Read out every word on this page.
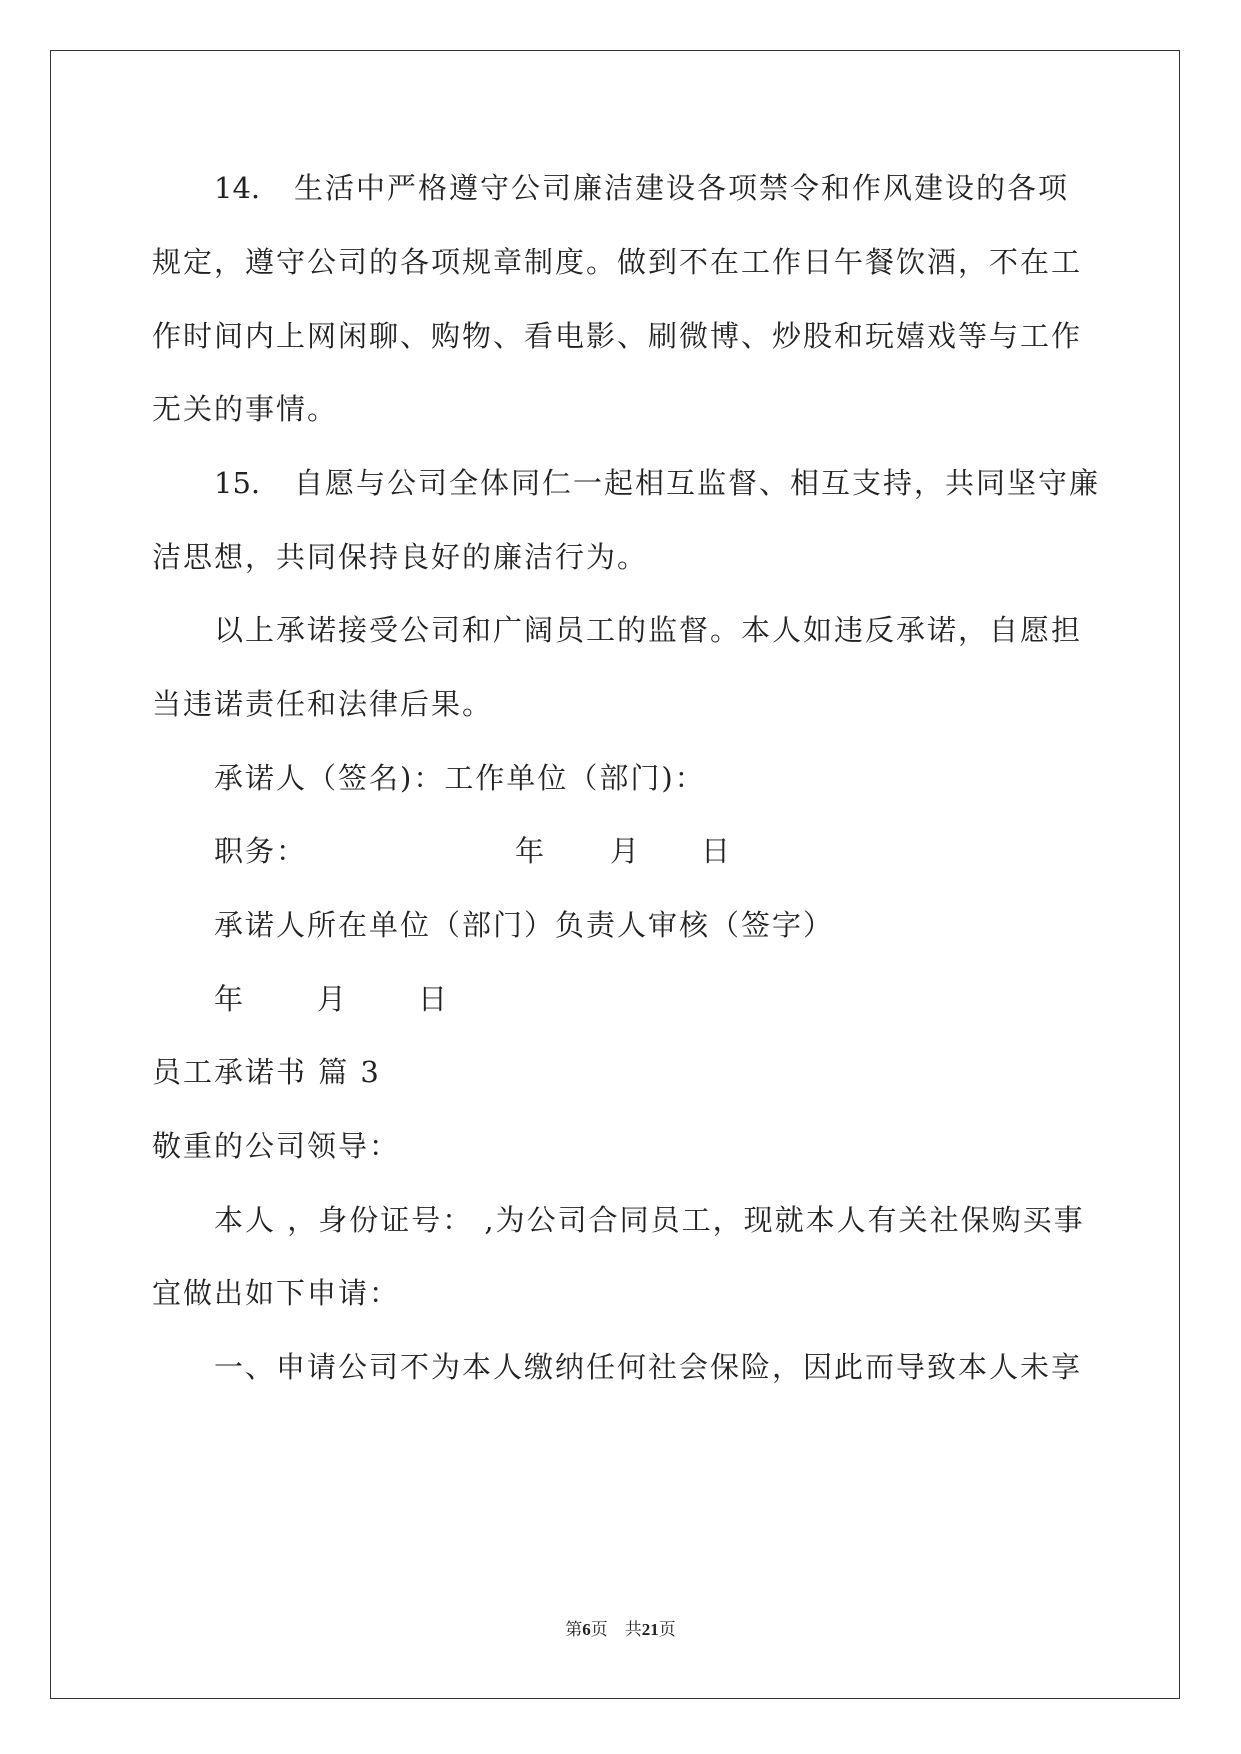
14. 生活中严格遵守公司廉洁建设各项禁令和作风建设的各项
规定，遵守公司的各项规章制度。做到不在工作日午餐饮酒，不在工
作时间内上网闲聊、购物、看电影、刷微博、炒股和玩嬉戏等与工作
无关的事情。
15. 自愿与公司全体同仁一起相互监督、相互支持，共同坚守廉
洁思想，共同保持良好的廉洁行为。
以上承诺接受公司和广阔员工的监督。本人如违反承诺，自愿担
当违诺责任和法律后果。
承诺人（签名)：工作单位（部门)：
职务：	年 月 日
承诺人所在单位（部门）负责人审核（签字）
年 月 日
员工承诺书 篇 3
敬重的公司领导：
本人 ，身份证号： ,为公司合同员工，现就本人有关社保购买事
宜做出如下申请：
一、申请公司不为本人缴纳任何社会保险，因此而导致本人未享
第6页　共21页
